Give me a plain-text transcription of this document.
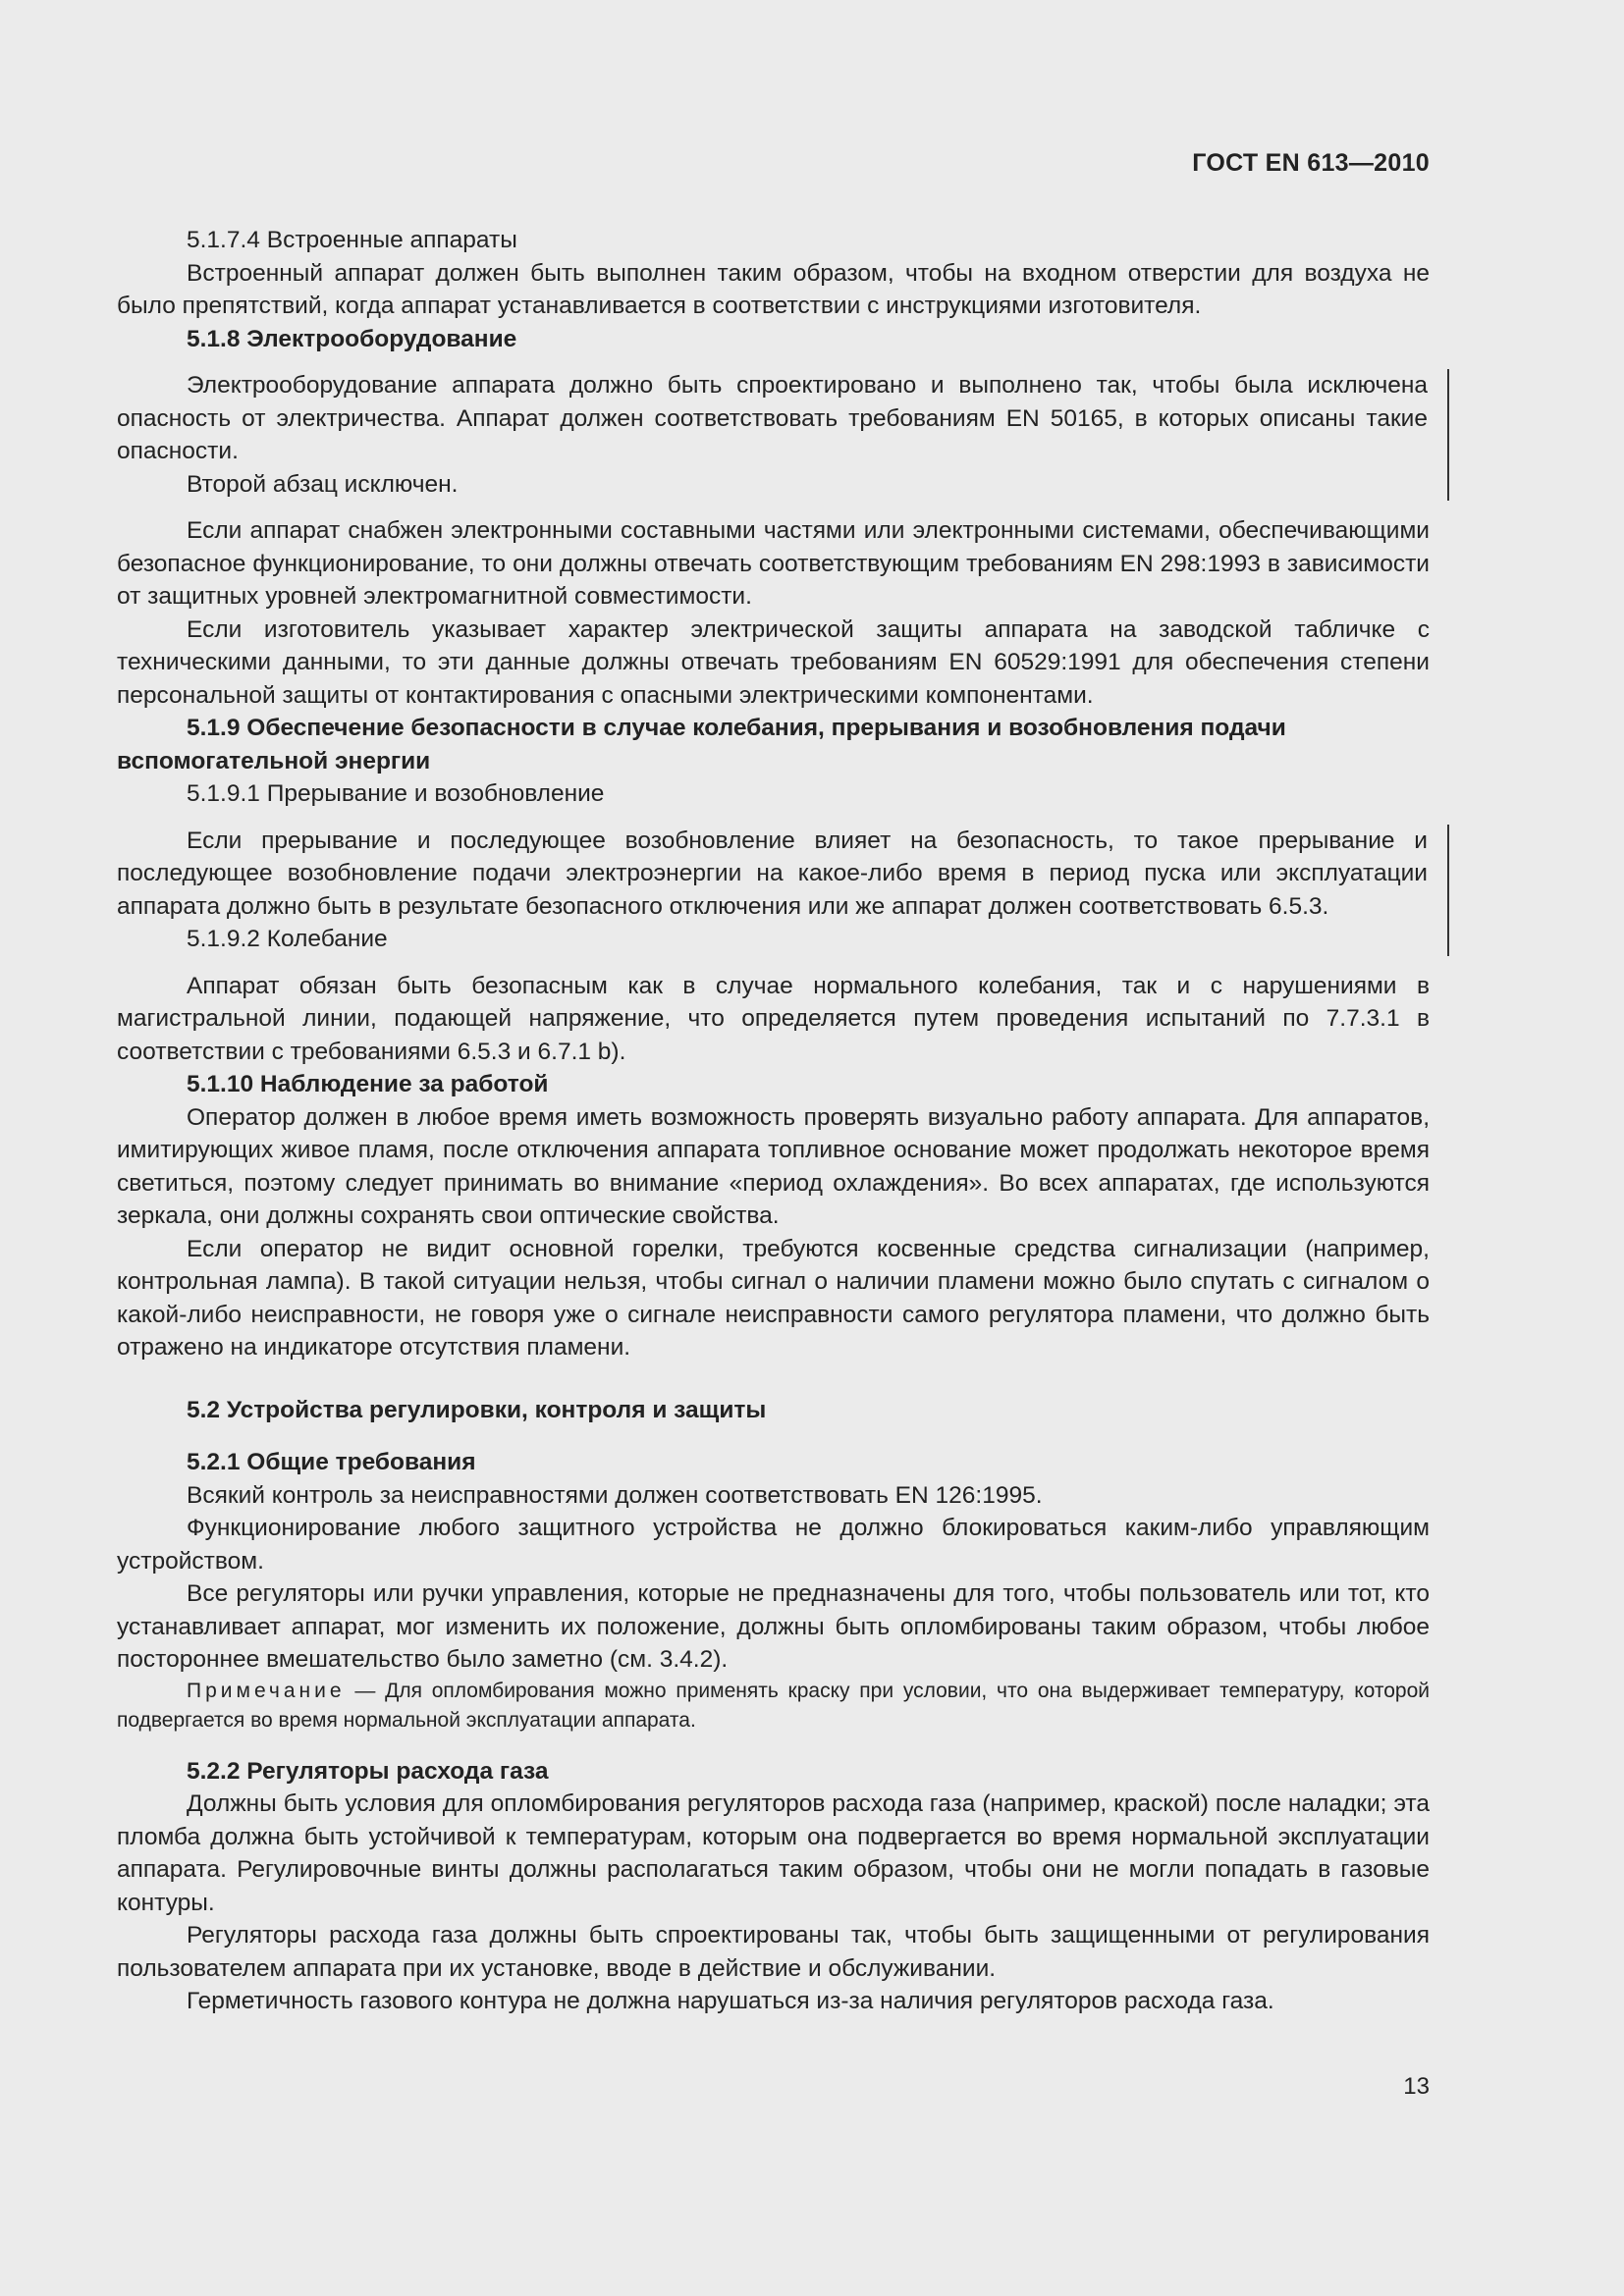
ГОСТ EN 613—2010

5.1.7.4 Встроенные аппараты

Встроенный аппарат должен быть выполнен таким образом, чтобы на входном отверстии для воздуха не было препятствий, когда аппарат устанавливается в соответствии с инструкциями изготовителя.

5.1.8 Электрооборудование

Электрооборудование аппарата должно быть спроектировано и выполнено так, чтобы была исключена опасность от электричества. Аппарат должен соответствовать требованиям EN 50165, в которых описаны такие опасности.

Второй абзац исключен.

Если аппарат снабжен электронными составными частями или электронными системами, обеспечивающими безопасное функционирование, то они должны отвечать соответствующим требованиям EN 298:1993 в зависимости от защитных уровней электромагнитной совместимости.

Если изготовитель указывает характер электрической защиты аппарата на заводской табличке с техническими данными, то эти данные должны отвечать требованиям EN 60529:1991 для обеспечения степени персональной защиты от контактирования с опасными электрическими компонентами.

5.1.9 Обеспечение безопасности в случае колебания, прерывания и возобновления подачи вспомогательной энергии

5.1.9.1 Прерывание и возобновление

Если прерывание и последующее возобновление влияет на безопасность, то такое прерывание и последующее возобновление подачи электроэнергии на какое-либо время в период пуска или эксплуатации аппарата должно быть в результате безопасного отключения или же аппарат должен соответствовать 6.5.3.

5.1.9.2 Колебание

Аппарат обязан быть безопасным как в случае нормального колебания, так и с нарушениями в магистральной линии, подающей напряжение, что определяется путем проведения испытаний по 7.7.3.1 в соответствии с требованиями 6.5.3 и 6.7.1 b).

5.1.10 Наблюдение за работой

Оператор должен в любое время иметь возможность проверять визуально работу аппарата. Для аппаратов, имитирующих живое пламя, после отключения аппарата топливное основание может продолжать некоторое время светиться, поэтому следует принимать во внимание «период охлаждения». Во всех аппаратах, где используются зеркала, они должны сохранять свои оптические свойства.

Если оператор не видит основной горелки, требуются косвенные средства сигнализации (например, контрольная лампа). В такой ситуации нельзя, чтобы сигнал о наличии пламени можно было спутать с сигналом о какой-либо неисправности, не говоря уже о сигнале неисправности самого регулятора пламени, что должно быть отражено на индикаторе отсутствия пламени.

5.2 Устройства регулировки, контроля и защиты

5.2.1 Общие требования

Всякий контроль за неисправностями должен соответствовать EN 126:1995.

Функционирование любого защитного устройства не должно блокироваться каким-либо управляющим устройством.

Все регуляторы или ручки управления, которые не предназначены для того, чтобы пользователь или тот, кто устанавливает аппарат, мог изменить их положение, должны быть опломбированы таким образом, чтобы любое постороннее вмешательство было заметно (см. 3.4.2).

Примечание — Для опломбирования можно применять краску при условии, что она выдерживает температуру, которой подвергается во время нормальной эксплуатации аппарата.

5.2.2 Регуляторы расхода газа

Должны быть условия для опломбирования регуляторов расхода газа (например, краской) после наладки; эта пломба должна быть устойчивой к температурам, которым она подвергается во время нормальной эксплуатации аппарата. Регулировочные винты должны располагаться таким образом, чтобы они не могли попадать в газовые контуры.

Регуляторы расхода газа должны быть спроектированы так, чтобы быть защищенными от регулирования пользователем аппарата при их установке, вводе в действие и обслуживании.

Герметичность газового контура не должна нарушаться из-за наличия регуляторов расхода газа.

13
